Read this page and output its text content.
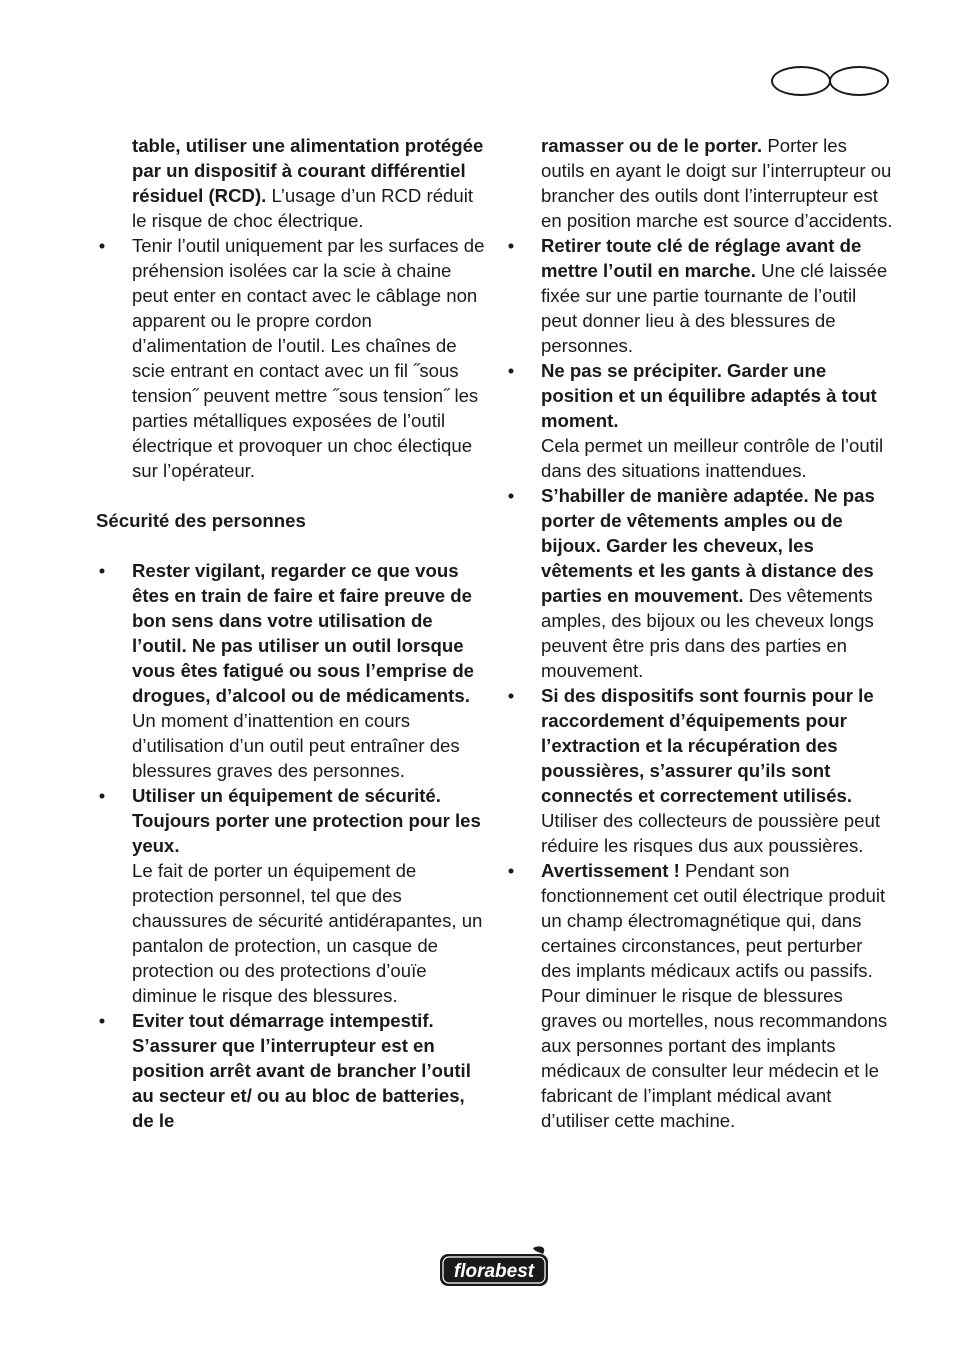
table, utiliser une alimentation protégée par un dispositif à courant différentiel résiduel (RCD). L’usage d’un RCD réduit le risque de choc électrique.
• Tenir l’outil uniquement par les surfaces de préhension isolées car la scie à chaine peut enter en contact avec le câblage non apparent ou le propre cordon d’alimentation de l’outil. Les chaînes de scie entrant en contact avec un fil ˝sous tension˝ peuvent mettre ˝sous tension˝ les parties métalliques exposées de l’outil électrique et provoquer un choc électique sur l’opérateur.
Sécurité des personnes
• Rester vigilant, regarder ce que vous êtes en train de faire et faire preuve de bon sens dans votre utilisation de l’outil. Ne pas utiliser un outil lorsque vous êtes fatigué ou sous l’emprise de drogues, d’alcool ou de médicaments. Un moment d’inattention en cours d’utilisation d’un outil peut entraîner des blessures graves des personnes.
• Utiliser un équipement de sécurité. Toujours porter une protection pour les yeux.
Le fait de porter un équipement de protection personnel, tel que des chaussures de sécurité antidérapantes, un pantalon de protection, un casque de protection ou des protections d’ouïe diminue le risque des blessures.
• Eviter tout démarrage intempestif. S’assurer que l’interrupteur est en position arrêt avant de brancher l’outil au secteur et/ ou au bloc de batteries, de le
ramasser ou de le porter. Porter les outils en ayant le doigt sur l’interrupteur ou brancher des outils dont l’interrupteur est en position marche est source d’accidents.
• Retirer toute clé de réglage avant de mettre l’outil en marche. Une clé laissée fixée sur une partie tournante de l’outil peut donner lieu à des blessures de personnes.
• Ne pas se précipiter. Garder une position et un équilibre adaptés à tout moment.
Cela permet un meilleur contrôle de l’outil dans des situations inattendues.
• S’habiller de manière adaptée. Ne pas porter de vêtements amples ou de bijoux. Garder les cheveux, les vêtements et les gants à distance des parties en mouvement. Des vêtements amples, des bijoux ou les cheveux longs peuvent être pris dans des parties en mouvement.
• Si des dispositifs sont fournis pour le raccordement d’équipements pour l’extraction et la récupération des poussières, s’assurer qu’ils sont connectés et correctement utilisés. Utiliser des collecteurs de poussière peut réduire les risques dus aux poussières.
• Avertissement ! Pendant son fonctionnement cet outil électrique produit un champ électromagnétique qui, dans certaines circonstances, peut perturber des implants médicaux actifs ou passifs. Pour diminuer le risque de blessures graves ou mortelles, nous recommandons aux personnes portant des implants médicaux de consulter leur médecin et le fabricant de l’implant médical avant d’utiliser cette machine.
florabest
